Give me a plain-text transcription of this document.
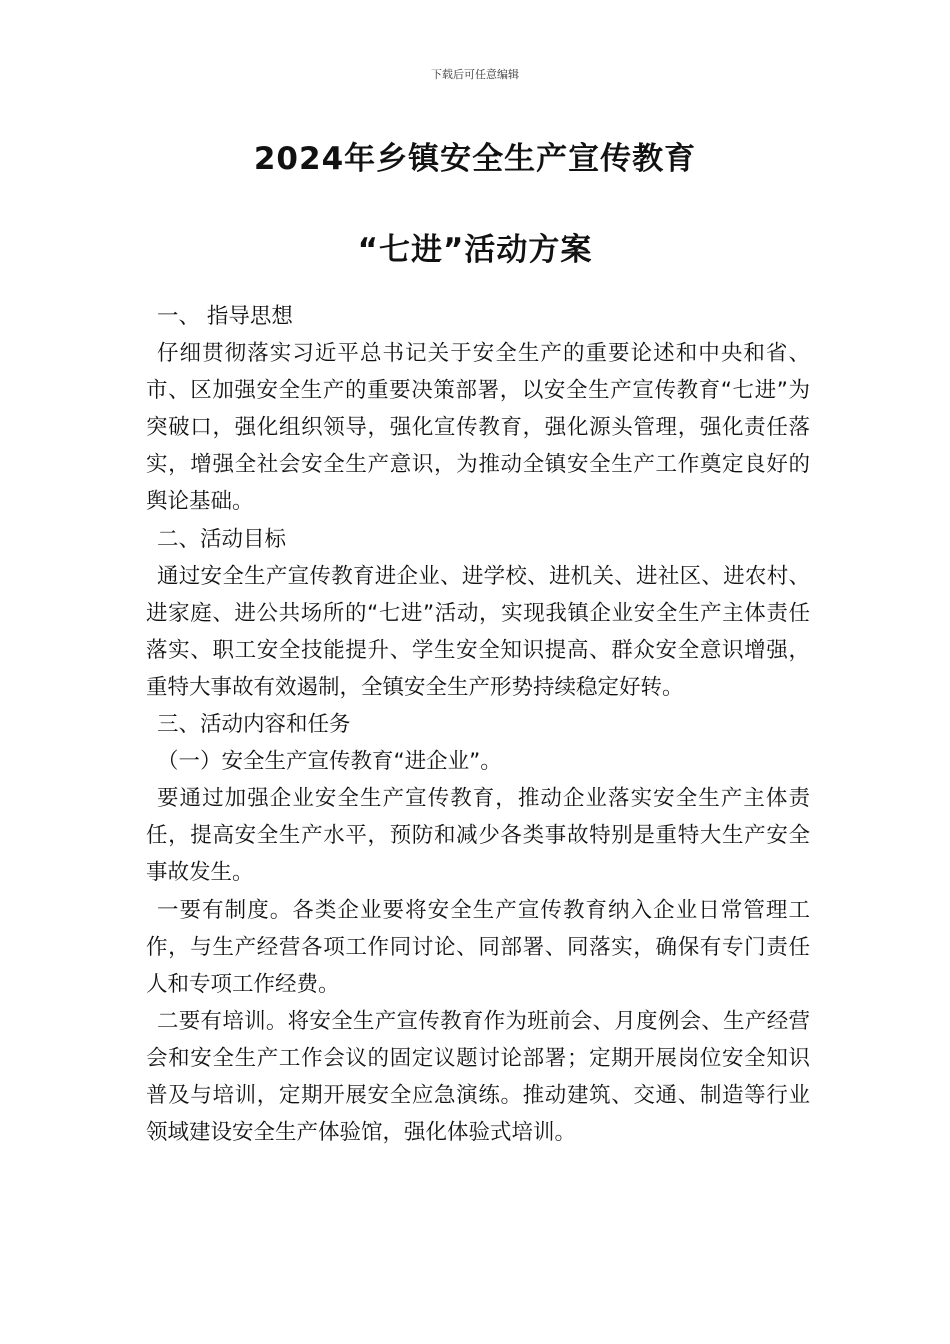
下载后可任意编辑
2024年乡镇安全生产宣传教育
“七进”活动方案

一、 指导思想

仔细贯彻落实习近平总书记关于安全生产的重要论述和中央和省、市、区加强安全生产的重要决策部署，以安全生产宣传教育“七进”为突破口，强化组织领导，强化宣传教育，强化源头管理，强化责任落实，增强全社会安全生产意识，为推动全镇安全生产工作奠定良好的舆论基础。

二、活动目标

通过安全生产宣传教育进企业、进学校、进机关、进社区、进农村、进家庭、进公共场所的“七进”活动，实现我镇企业安全生产主体责任落实、职工安全技能提升、学生安全知识提高、群众安全意识增强，重特大事故有效遏制，全镇安全生产形势持续稳定好转。

三、活动内容和任务

（一）安全生产宣传教育“进企业”。

要通过加强企业安全生产宣传教育，推动企业落实安全生产主体责任，提高安全生产水平，预防和减少各类事故特别是重特大生产安全事故发生。

一要有制度。各类企业要将安全生产宣传教育纳入企业日常管理工作，与生产经营各项工作同讨论、同部署、同落实，确保有专门责任人和专项工作经费。

二要有培训。将安全生产宣传教育作为班前会、月度例会、生产经营会和安全生产工作会议的固定议题讨论部署；定期开展岗位安全知识普及与培训，定期开展安全应急演练。推动建筑、交通、制造等行业领域建设安全生产体验馆，强化体验式培训。
